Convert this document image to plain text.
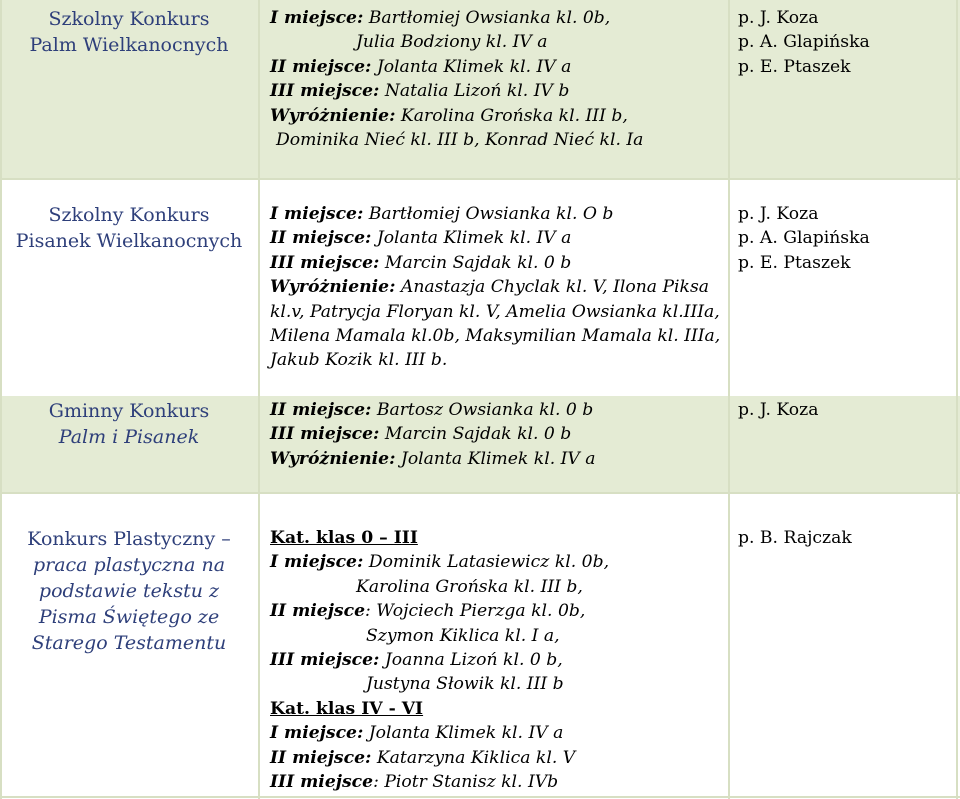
Szkolny Konkurs
Palm Wielkanocnych
I miejsce: Bartłomiej Owsianka kl. 0b,
Julia Bodziony kl. IV a
II miejsce: Jolanta Klimek kl. IV a
III miejsce: Natalia Lizoń kl. IV b
Wyróżnienie: Karolina Grońska kl. III b,
Dominika Nieć kl. III b, Konrad Nieć kl. Ia
p. J. Koza
p. A. Glapińska
p. E. Ptaszek
Szkolny Konkurs
Pisanek Wielkanocnych
I miejsce: Bartłomiej Owsianka kl. O b
II miejsce: Jolanta Klimek kl. IV a
III miejsce: Marcin Sajdak kl. 0 b
Wyróżnienie: Anastazja Chyclak kl. V, Ilona Piksa
kl.v, Patrycja Floryan kl. V, Amelia Owsianka kl.IIIa,
Milena Mamala kl.0b, Maksymilian Mamala kl. IIIa,
Jakub Kozik kl. III b.
p. J. Koza
p. A. Glapińska
p. E. Ptaszek
Gminny Konkurs
Palm i Pisanek
II miejsce: Bartosz Owsianka kl. 0 b
III miejsce: Marcin Sajdak kl. 0 b
Wyróżnienie: Jolanta Klimek kl. IV a
p. J. Koza
Konkurs Plastyczny –
praca plastyczna na
podstawie tekstu z
Pisma Świętego ze
Starego Testamentu
Kat. klas 0 – III
I miejsce: Dominik Latasiewicz kl. 0b,
Karolina Grońska kl. III b,
II miejsce: Wojciech Pierzga kl. 0b,
Szymon Kiklica kl. I a,
III miejsce: Joanna Lizoń kl. 0 b,
Justyna Słowik kl. III b
Kat. klas IV - VI
I miejsce: Jolanta Klimek kl. IV a
II miejsce: Katarzyna Kiklica kl. V
III miejsce: Piotr Stanisz kl. IVb
p. B. Rajczak
